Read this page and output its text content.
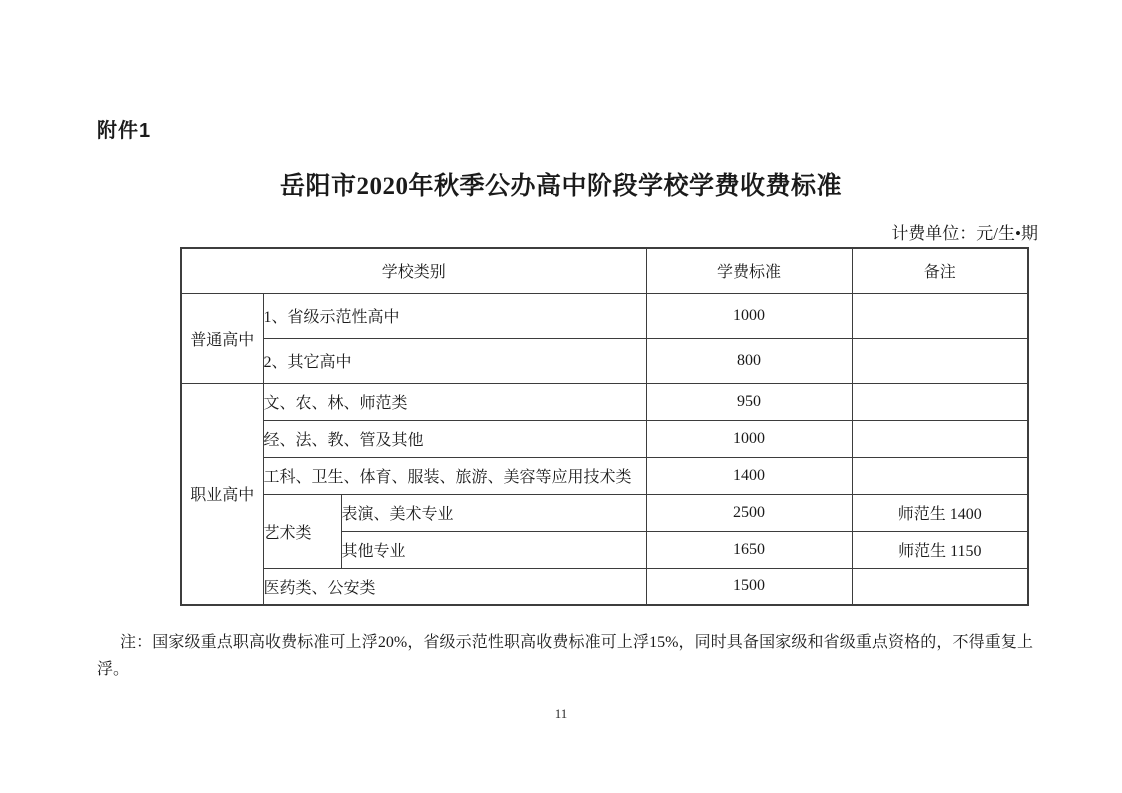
附件1
岳阳市2020年秋季公办高中阶段学校学费收费标准
计费单位：元/生•期
学校类别			学费标准	备注
普通高中	1、省级示范性高中		1000	
	2、其它高中		800	
职业高中	文、农、林、师范类		950	
	经、法、教、管及其他		1000	
	工科、卫生、体育、服装、旅游、美容等应用技术类		1400	
	艺术类	表演、美术专业	2500	师范生 1400
		其他专业	1650	师范生 1150
	医药类、公安类		1500	
注：国家级重点职高收费标准可上浮20%，省级示范性职高收费标准可上浮15%，同时具备国家级和省级重点资格的，不得重复上浮。
11
